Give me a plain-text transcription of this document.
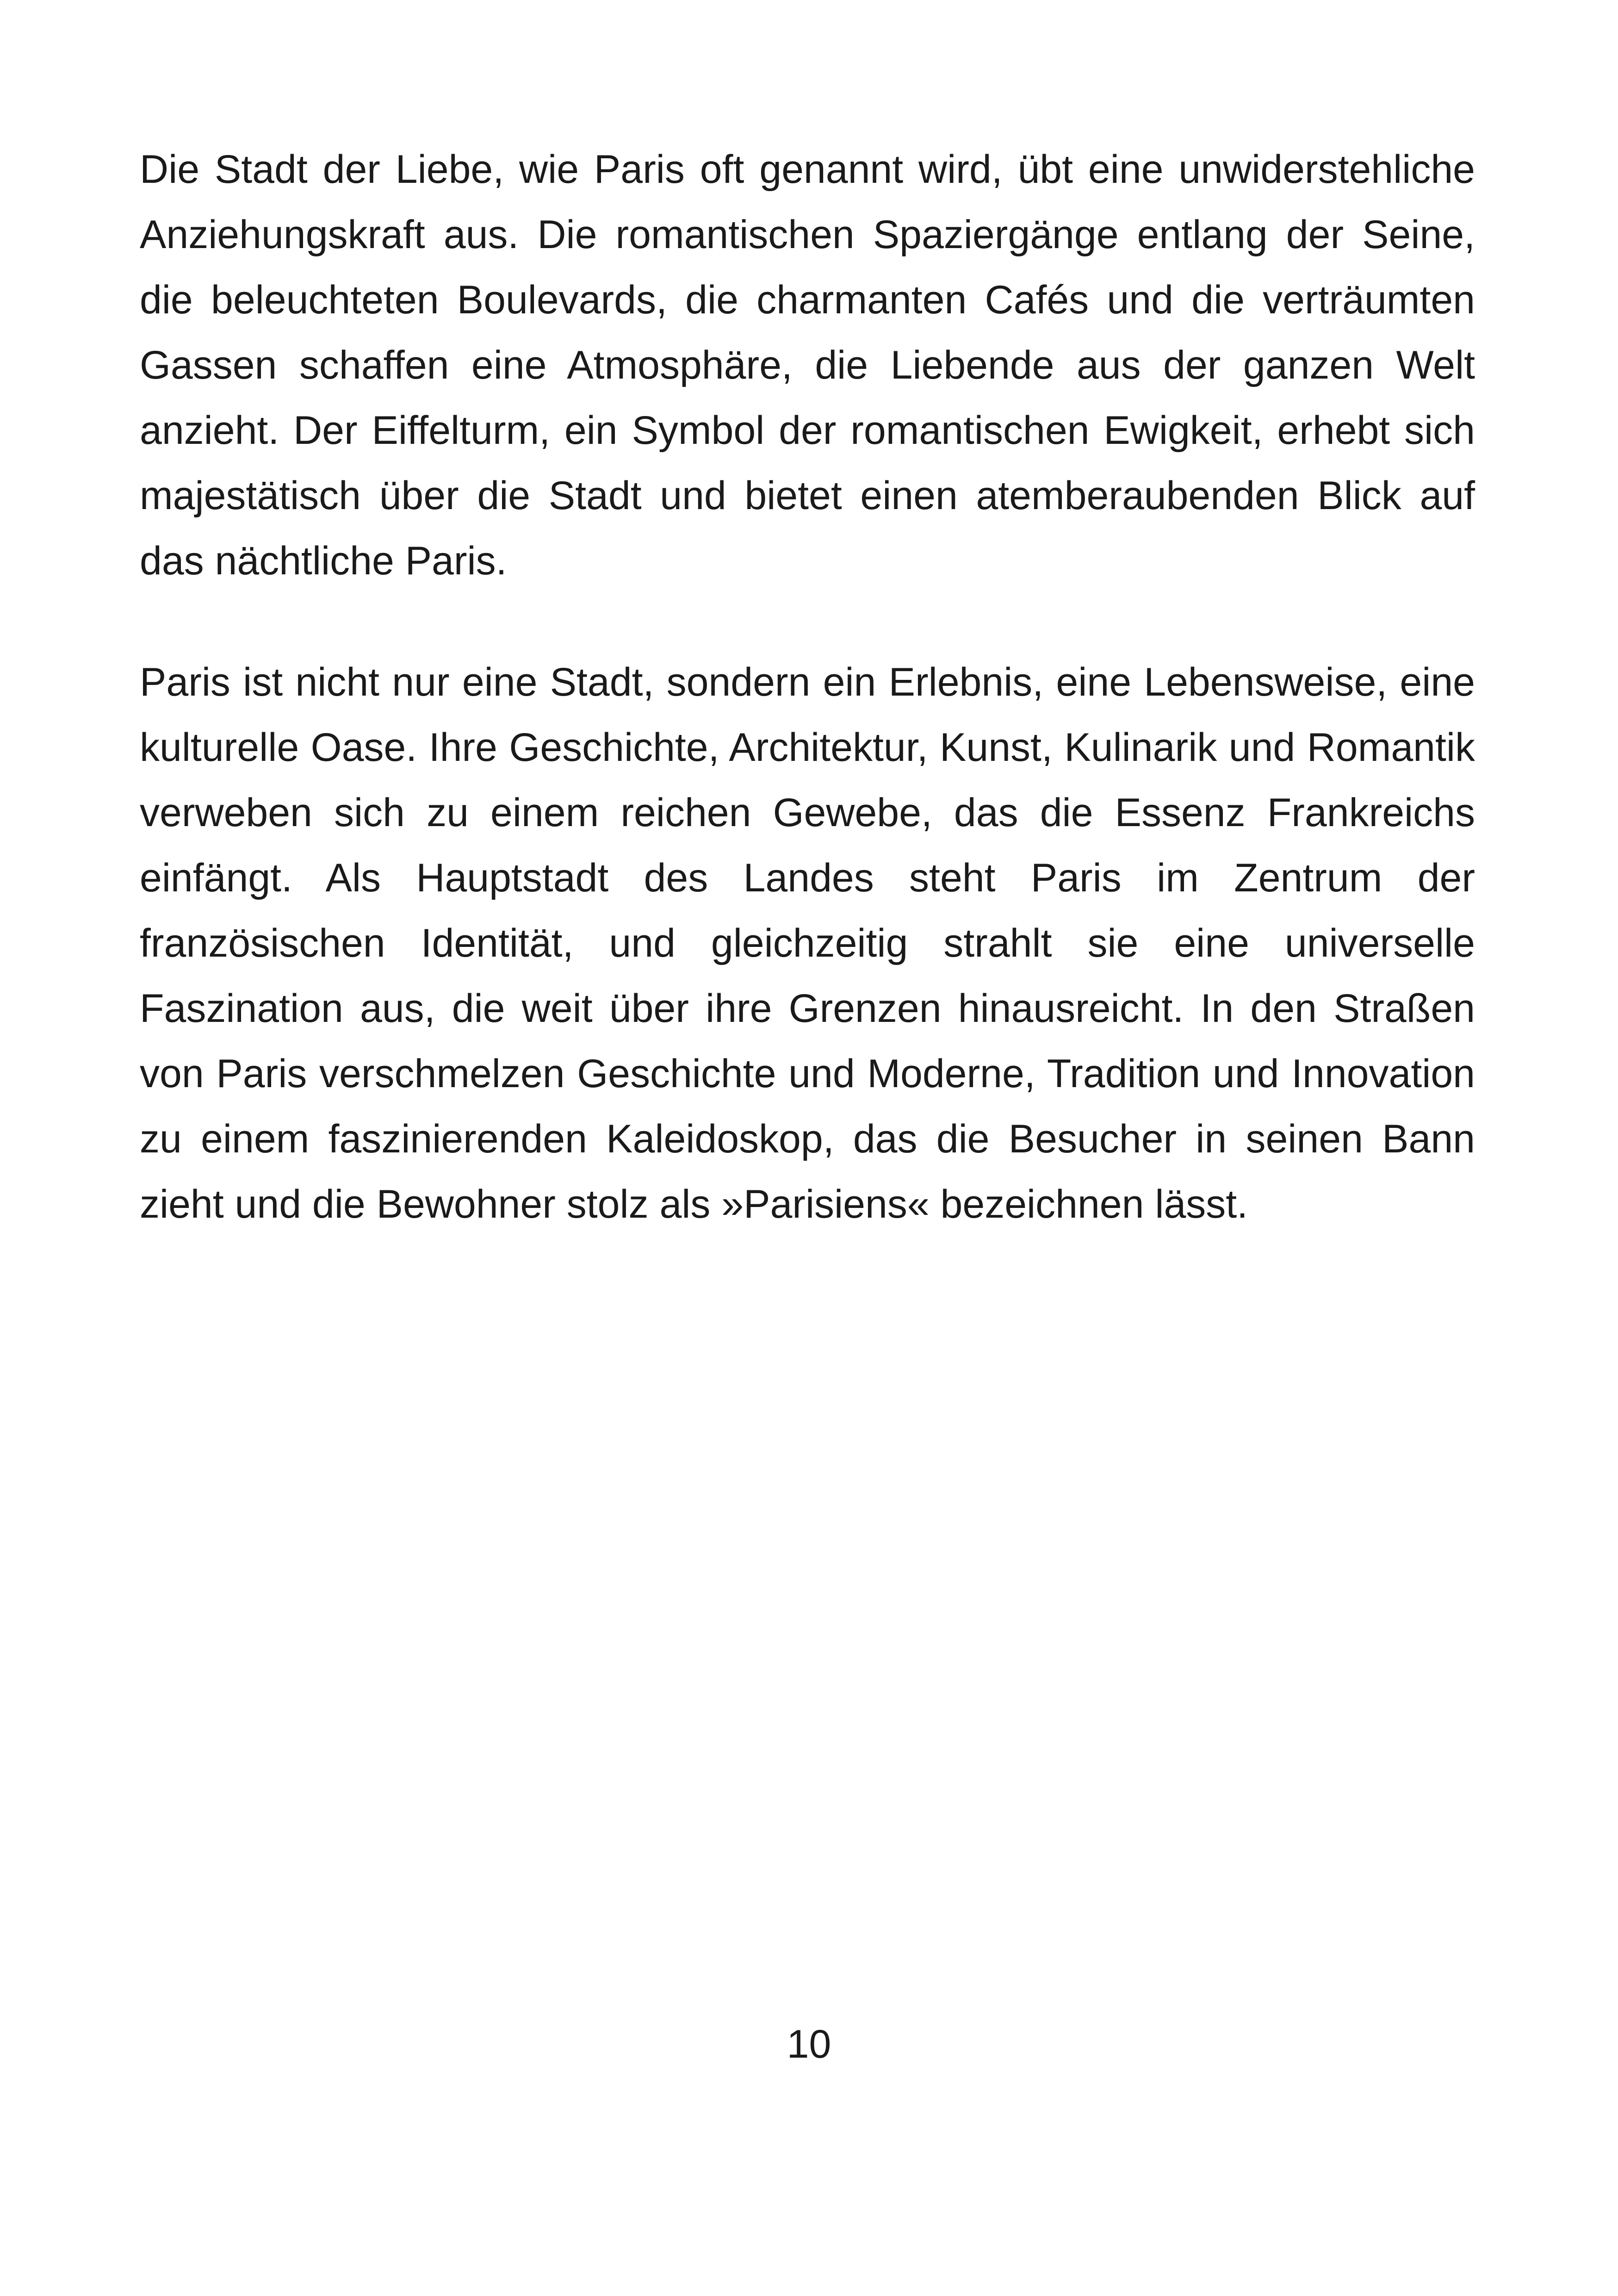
Die Stadt der Liebe, wie Paris oft genannt wird, übt eine unwiderstehliche Anziehungskraft aus. Die romantischen Spaziergänge entlang der Seine, die beleuchteten Boulevards, die charmanten Cafés und die verträumten Gassen schaffen eine Atmosphäre, die Liebende aus der ganzen Welt anzieht. Der Eiffelturm, ein Symbol der romantischen Ewigkeit, erhebt sich majestätisch über die Stadt und bietet einen atemberaubenden Blick auf das nächtliche Paris.

Paris ist nicht nur eine Stadt, sondern ein Erlebnis, eine Lebensweise, eine kulturelle Oase. Ihre Geschichte, Architektur, Kunst, Kulinarik und Romantik verweben sich zu einem reichen Gewebe, das die Essenz Frankreichs einfängt. Als Hauptstadt des Landes steht Paris im Zentrum der französischen Identität, und gleichzeitig strahlt sie eine universelle Faszination aus, die weit über ihre Grenzen hinausreicht. In den Straßen von Paris verschmelzen Geschichte und Moderne, Tradition und Innovation zu einem faszinierenden Kaleidoskop, das die Besucher in seinen Bann zieht und die Bewohner stolz als »Parisiens« bezeichnen lässt.

10
